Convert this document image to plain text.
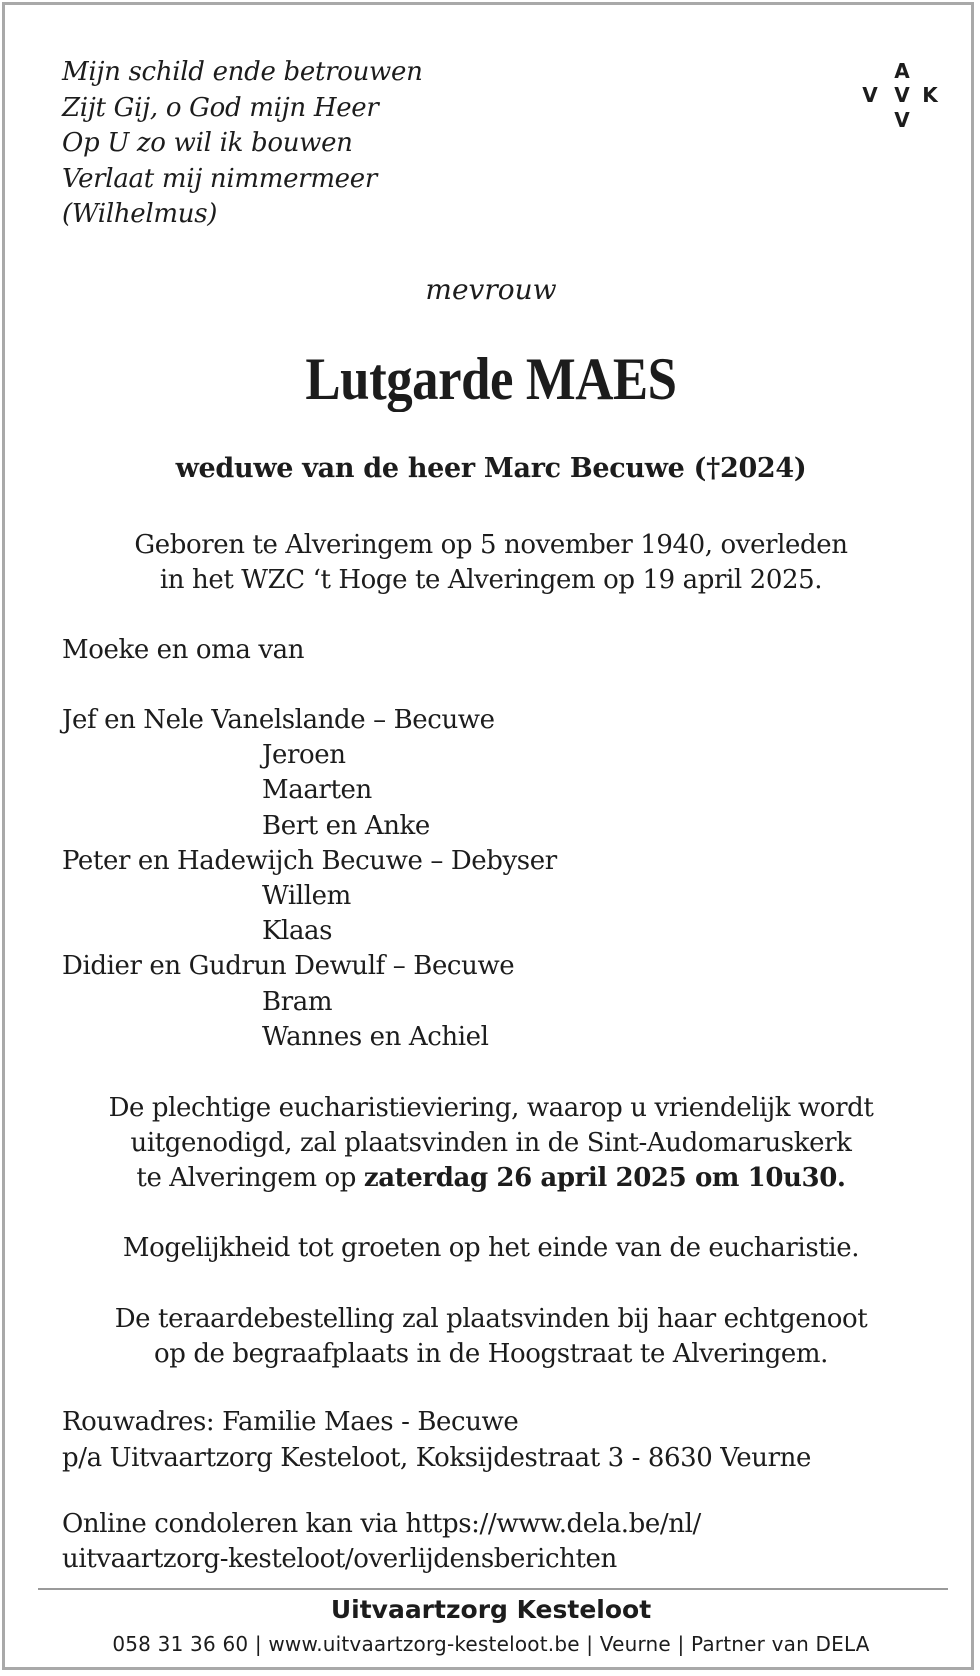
Mijn schild ende betrouwen
Zijt Gij, o God mijn Heer
Op U zo wil ik bouwen
Verlaat mij nimmermeer
(Wilhelmus)
A
V V K
V
mevrouw
Lutgarde MAES
weduwe van de heer Marc Becuwe (†2024)
Geboren te Alveringem op 5 november 1940, overleden
in het WZC ‘t Hoge te Alveringem op 19 april 2025.
Moeke en oma van
Jef en Nele Vanelslande – Becuwe
Jeroen
Maarten
Bert en Anke
Peter en Hadewijch Becuwe – Debyser
Willem
Klaas
Didier en Gudrun Dewulf – Becuwe
Bram
Wannes en Achiel
De plechtige eucharistieviering, waarop u vriendelijk wordt
uitgenodigd, zal plaatsvinden in de Sint-Audomaruskerk
te Alveringem op zaterdag 26 april 2025 om 10u30.
Mogelijkheid tot groeten op het einde van de eucharistie.
De teraardebestelling zal plaatsvinden bij haar echtgenoot
op de begraafplaats in de Hoogstraat te Alveringem.
Rouwadres: Familie Maes - Becuwe
p/a Uitvaartzorg Kesteloot, Koksijdestraat 3 - 8630 Veurne
Online condoleren kan via https://www.dela.be/nl/
uitvaartzorg-kesteloot/overlijdensberichten
Uitvaartzorg Kesteloot
058 31 36 60 | www.uitvaartzorg-kesteloot.be | Veurne | Partner van DELA
